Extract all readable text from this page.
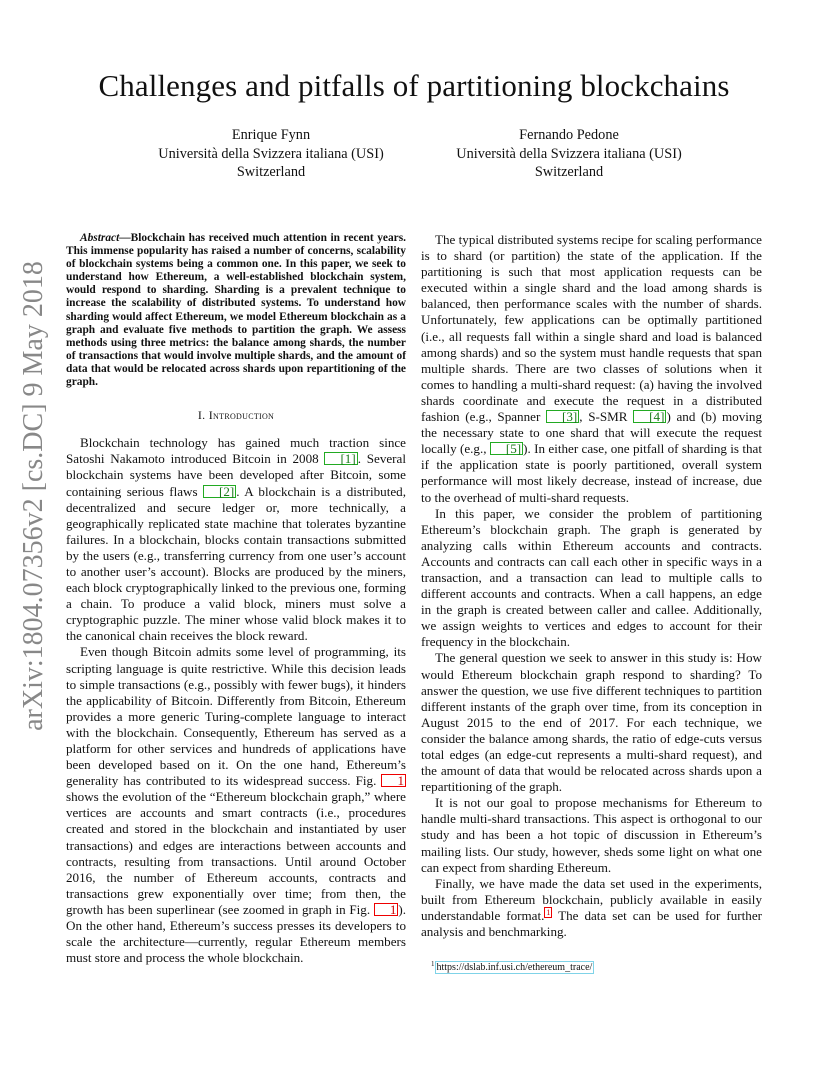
Challenges and pitfalls of partitioning blockchains
Enrique Fynn
Università della Svizzera italiana (USI)
Switzerland
Fernando Pedone
Università della Svizzera italiana (USI)
Switzerland
arXiv:1804.07356v2 [cs.DC] 9 May 2018

Abstract—Blockchain has received much attention in recent years. This immense popularity has raised a number of concerns, scalability of blockchain systems being a common one. In this paper, we seek to understand how Ethereum, a well-established blockchain system, would respond to sharding. Sharding is a prevalent technique to increase the scalability of distributed systems. To understand how sharding would affect Ethereum, we model Ethereum blockchain as a graph and evaluate five methods to partition the graph. We assess methods using three metrics: the balance among shards, the number of transactions that would involve multiple shards, and the amount of data that would be relocated across shards upon repartitioning of the graph.

I. Introduction

Blockchain technology has gained much traction since Satoshi Nakamoto introduced Bitcoin in 2008 [1] . Several blockchain systems have been developed after Bitcoin, some containing serious flaws [2] . A blockchain is a distributed, decentralized and secure ledger or, more technically, a geographically replicated state machine that tolerates byzantine failures. In a blockchain, blocks contain transactions submitted by the users (e.g., transferring currency from one user’s account to another user’s account). Blocks are produced by the miners, each block cryptographically linked to the previous one, forming a chain. To produce a valid block, miners must solve a cryptographic puzzle. The miner whose valid block makes it to the canonical chain receives the block reward.

Even though Bitcoin admits some level of programming, its scripting language is quite restrictive. While this decision leads to simple transactions (e.g., possibly with fewer bugs), it hinders the applicability of Bitcoin. Differently from Bitcoin, Ethereum provides a more generic Turing-complete language to interact with the blockchain. Consequently, Ethereum has served as a platform for other services and hundreds of applications have been developed based on it. On the one hand, Ethereum’s generality has contributed to its widespread success. Fig. 1 shows the evolution of the “Ethereum blockchain graph,” where vertices are accounts and smart contracts (i.e., procedures created and stored in the blockchain and instantiated by user transactions) and edges are interactions between accounts and contracts, resulting from transactions. Until around October 2016, the number of Ethereum accounts, contracts and transactions grew exponentially over time; from then, the growth has been superlinear (see zoomed in graph in Fig. 1 ). On the other hand, Ethereum’s success presses its developers to scale the architecture—currently, regular Ethereum members must store and process the whole blockchain.

The typical distributed systems recipe for scaling performance is to shard (or partition) the state of the application. If the partitioning is such that most application requests can be executed within a single shard and the load among shards is balanced, then performance scales with the number of shards. Unfortunately, few applications can be optimally partitioned (i.e., all requests fall within a single shard and load is balanced among shards) and so the system must handle requests that span multiple shards. There are two classes of solutions when it comes to handling a multi-shard request: (a) having the involved shards coordinate and execute the request in a distributed fashion (e.g., Spanner [3] , S-SMR [4] ) and (b) moving the necessary state to one shard that will execute the request locally (e.g., [5] ). In either case, one pitfall of sharding is that if the application state is poorly partitioned, overall system performance will most likely decrease, instead of increase, due to the overhead of multi-shard requests.

In this paper, we consider the problem of partitioning Ethereum’s blockchain graph. The graph is generated by analyzing calls within Ethereum accounts and contracts. Accounts and contracts can call each other in specific ways in a transaction, and a transaction can lead to multiple calls to different accounts and contracts. When a call happens, an edge in the graph is created between caller and callee. Additionally, we assign weights to vertices and edges to account for their frequency in the blockchain.

The general question we seek to answer in this study is: How would Ethereum blockchain graph respond to sharding? To answer the question, we use five different techniques to partition different instants of the graph over time, from its conception in August 2015 to the end of 2017. For each technique, we consider the balance among shards, the ratio of edge-cuts versus total edges (an edge-cut represents a multi-shard request), and the amount of data that would be relocated across shards upon a repartitioning of the graph.

It is not our goal to propose mechanisms for Ethereum to handle multi-shard transactions. This aspect is orthogonal to our study and has been a hot topic of discussion in Ethereum’s mailing lists. Our study, however, sheds some light on what one can expect from sharding Ethereum.

Finally, we have made the data set used in the experiments, built from Ethereum blockchain, publicly available in easily understandable format. $^1$ The data set can be used for further analysis and benchmarking.

$^1$ https://dslab.inf.usi.ch/ethereum_trace/
